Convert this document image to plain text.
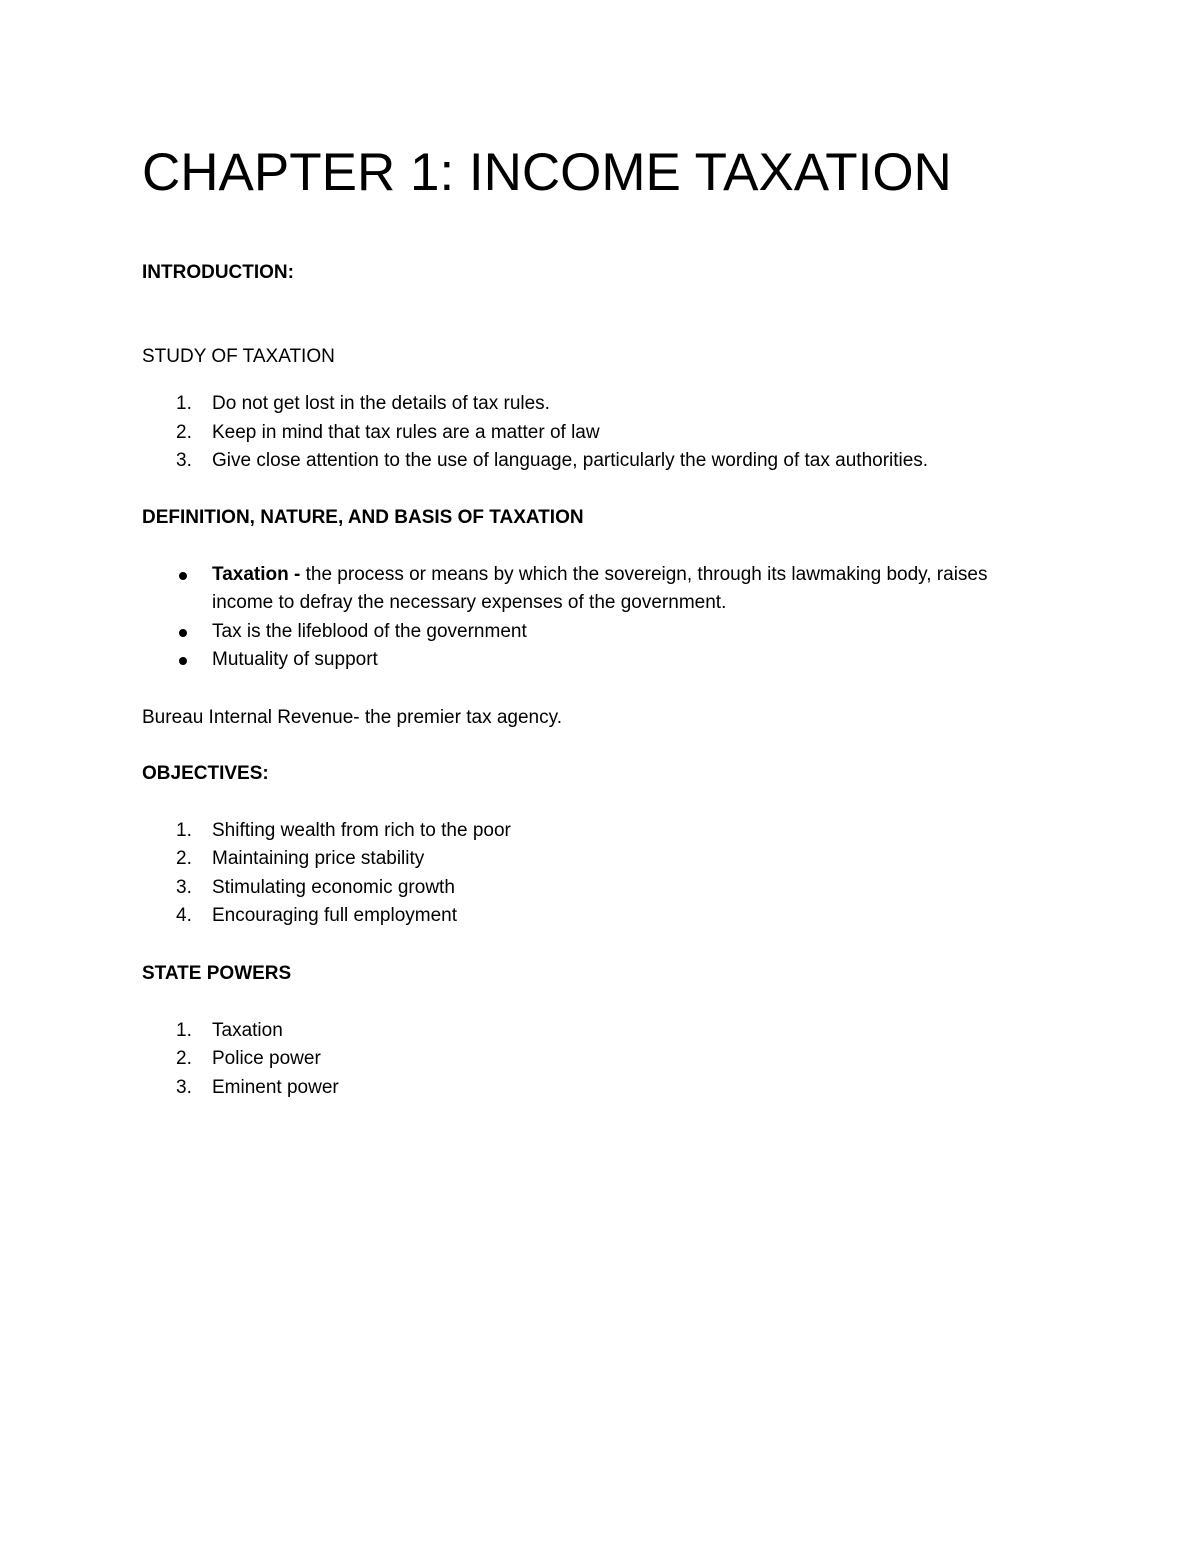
CHAPTER 1: INCOME TAXATION

INTRODUCTION:

STUDY OF TAXATION

1.	Do not get lost in the details of tax rules.
2.	Keep in mind that tax rules are a matter of law
3.	Give close attention to the use of language, particularly the wording of tax authorities.

DEFINITION, NATURE, AND BASIS OF TAXATION

Taxation - the process or means by which the sovereign, through its lawmaking body, raises income to defray the necessary expenses of the government.
Tax is the lifeblood of the government
Mutuality of support

Bureau Internal Revenue- the premier tax agency.

OBJECTIVES:

1.	Shifting wealth from rich to the poor
2.	Maintaining price stability
3.	Stimulating economic growth
4.	Encouraging full employment

STATE POWERS

1.	Taxation
2.	Police power
3.	Eminent power
